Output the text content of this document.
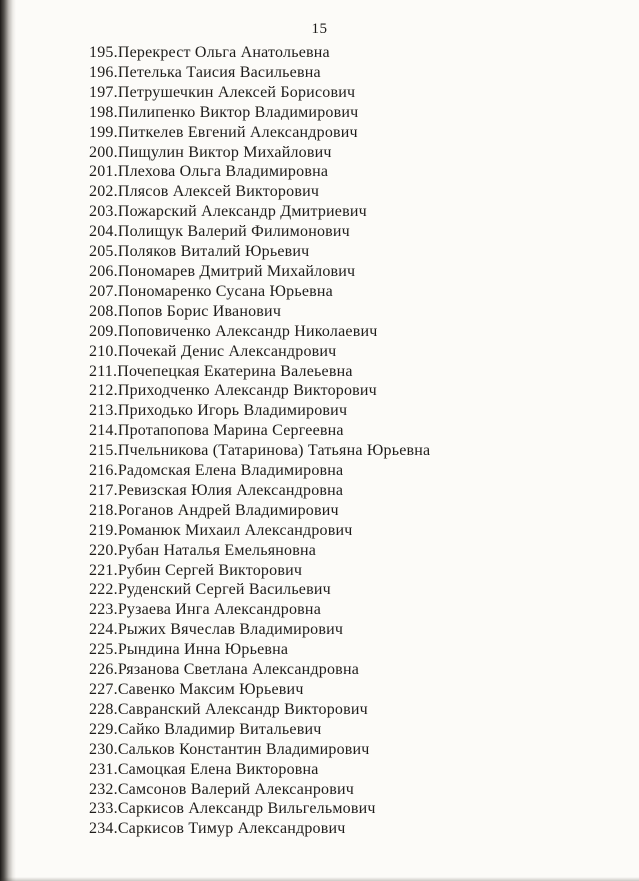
15
195.Перекрест Ольга Анатольевна
196.Петелька Таисия Васильевна
197.Петрушечкин Алексей Борисович
198.Пилипенко Виктор Владимирович
199.Питкелев Евгений Александрович
200.Пищулин Виктор Михайлович
201.Плехова Ольга Владимировна
202.Плясов Алексей Викторович
203.Пожарский Александр Дмитриевич
204.Полищук Валерий Филимонович
205.Поляков Виталий Юрьевич
206.Пономарев Дмитрий Михайлович
207.Пономаренко Сусана Юрьевна
208.Попов Борис Иванович
209.Поповиченко Александр Николаевич
210.Почекай Денис Александрович
211.Почепецкая Екатерина Валеьевна
212.Приходченко Александр Викторович
213.Приходько Игорь Владимирович
214.Протапопова Марина Сергеевна
215.Пчельникова (Татаринова) Татьяна Юрьевна
216.Радомская Елена Владимировна
217.Ревизская Юлия Александровна
218.Роганов Андрей Владимирович
219.Романюк Михаил Александрович
220.Рубан Наталья Емельяновна
221.Рубин Сергей Викторович
222.Руденский Сергей Васильевич
223.Рузаева Инга Александровна
224.Рыжих Вячеслав Владимирович
225.Рындина Инна Юрьевна
226.Рязанова Светлана Александровна
227.Савенко Максим Юрьевич
228.Савранский Александр Викторович
229.Сайко Владимир Витальевич
230.Сальков Константин Владимирович
231.Самоцкая Елена Викторовна
232.Самсонов Валерий Алексанрович
233.Саркисов Александр Вильгельмович
234.Саркисов Тимур Александрович
